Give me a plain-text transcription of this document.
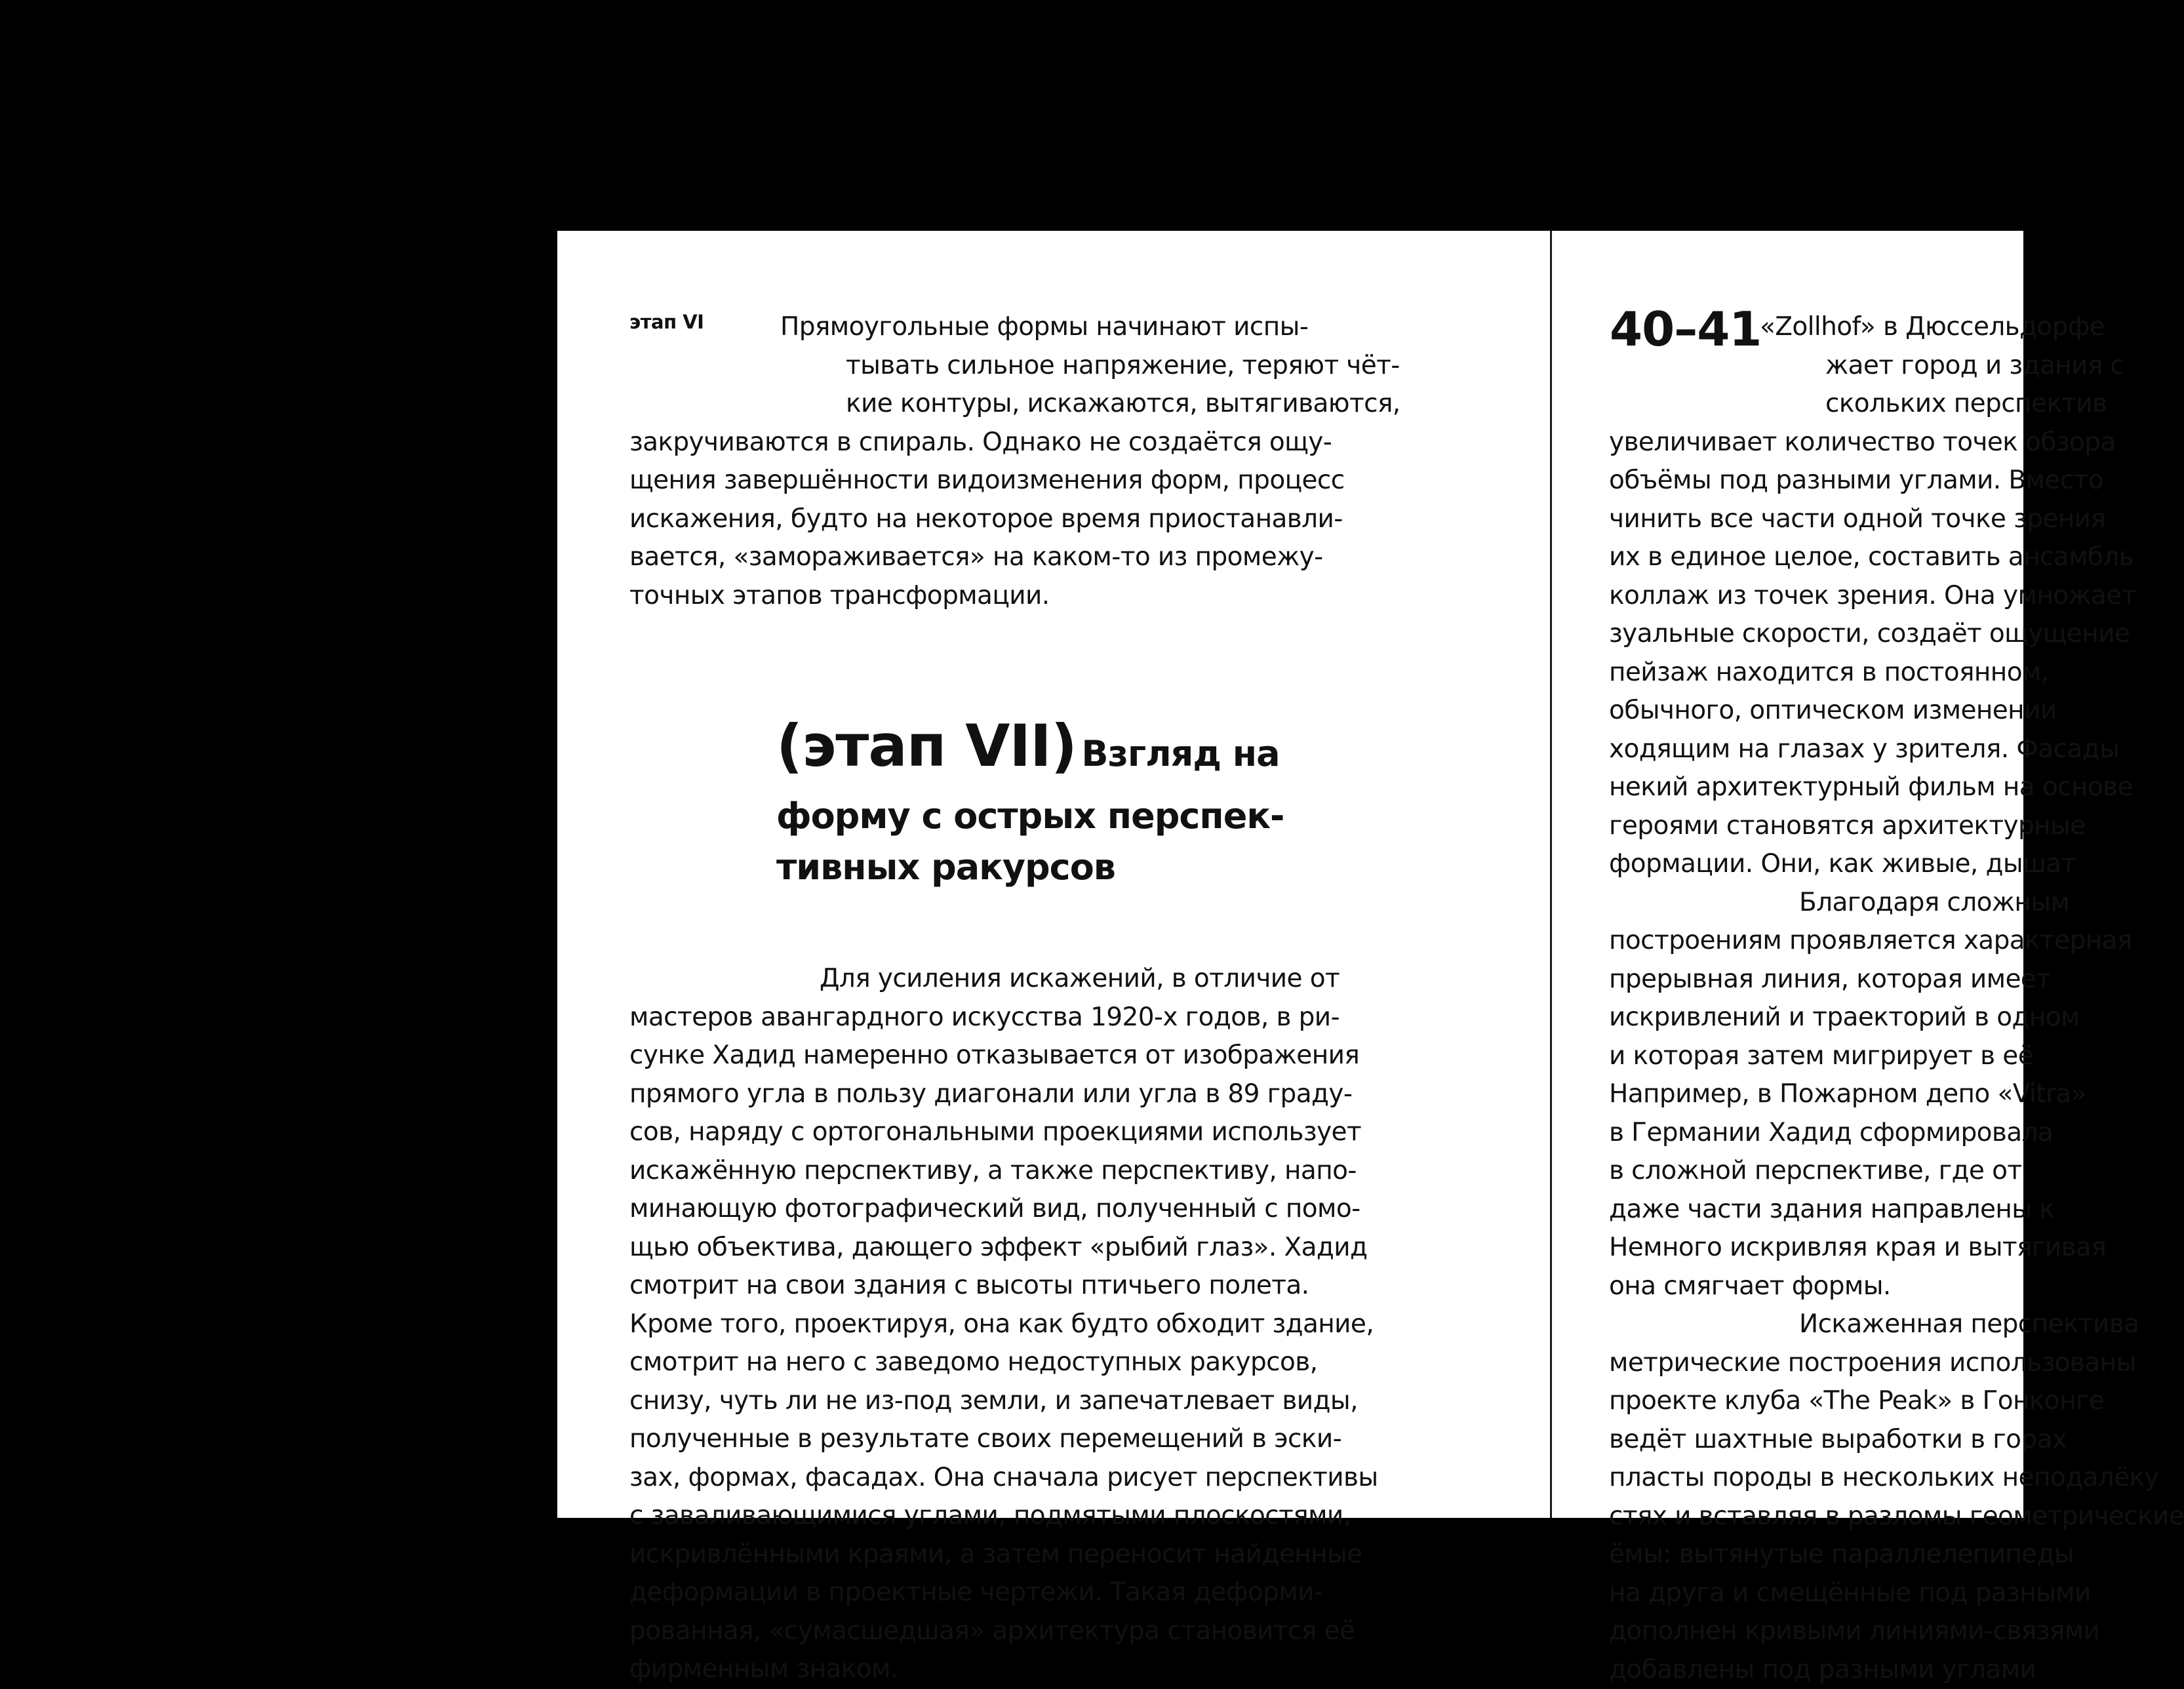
этап VI	Прямоугольные формы начинают испы-
тывать сильное напряжение, теряют чёт-
кие контуры, искажаются, вытягиваются,
закручиваются в спираль. Однако не создаётся ощу-
щения завершённости видоизменения форм, процесс
искажения, будто на некоторое время приостанавли-
вается, «замораживается» на каком-то из промежу-
точных этапов трансформации.

(этап VII) Взгляд на
форму с острых перспек-
тивных ракурсов

Для усиления искажений, в отличие от
мастеров авангардного искусства 1920-х годов, в ри-
сунке Хадид намеренно отказывается от изображения
прямого угла в пользу диагонали или угла в 89 граду-
сов, наряду с ортогональными проекциями использует
искажённую перспективу, а также перспективу, напо-
минающую фотографический вид, полученный с помо-
щью объектива, дающего эффект «рыбий глаз». Хадид
смотрит на свои здания с высоты птичьего полета.
Кроме того, проектируя, она как будто обходит здание,
смотрит на него с заведомо недоступных ракурсов,
снизу, чуть ли не из-под земли, и запечатлевает виды,
полученные в результате своих перемещений в эски-
зах, формах, фасадах. Она сначала рисует перспективы
с заваливающимися углами, подмятыми плоскостями,
искривлёнными краями, а затем переносит найденные
деформации в проектные чертежи. Такая деформи-
рованная, «сумасшедшая» архитектура становится её
фирменным знаком.

40–41

«Zollhof» в Дюссельдорфе
жает город и здания с
скольких перспектив
увеличивает количество точек обзора
объёмы под разными углами. Вместо
чинить все части одной точке зрения
их в единое целое, составить ансамбль
коллаж из точек зрения. Она умножает
зуальные скорости, создаёт ощущение
пейзаж находится в постоянном,
обычного, оптическом изменении
ходящим на глазах у зрителя. Фасады
некий архитектурный фильм на основе
героями становятся архитектурные
формации. Они, как живые, дышат
Благодаря сложным
построениям проявляется характерная
прерывная линия, которая имеет
искривлений и траекторий в одном
и которая затем мигрирует в её
Например, в Пожарном депо «Vitra»
в Германии Хадид сформировала
в сложной перспективе, где от
даже части здания направлены к
Немного искривляя края и вытягивая
она смягчает формы.
Искаженная перспектива
метрические построения использованы
проекте клуба «The Peak» в Гонконге
ведёт шахтные выработки в горах
пласты породы в нескольких неподалёку
стях и вставляя в разломы геометрические
ёмы: вытянутые параллелепипеды
на друга и смещённые под разными
дополнен кривыми линиями-связями
добавлены под разными углами
